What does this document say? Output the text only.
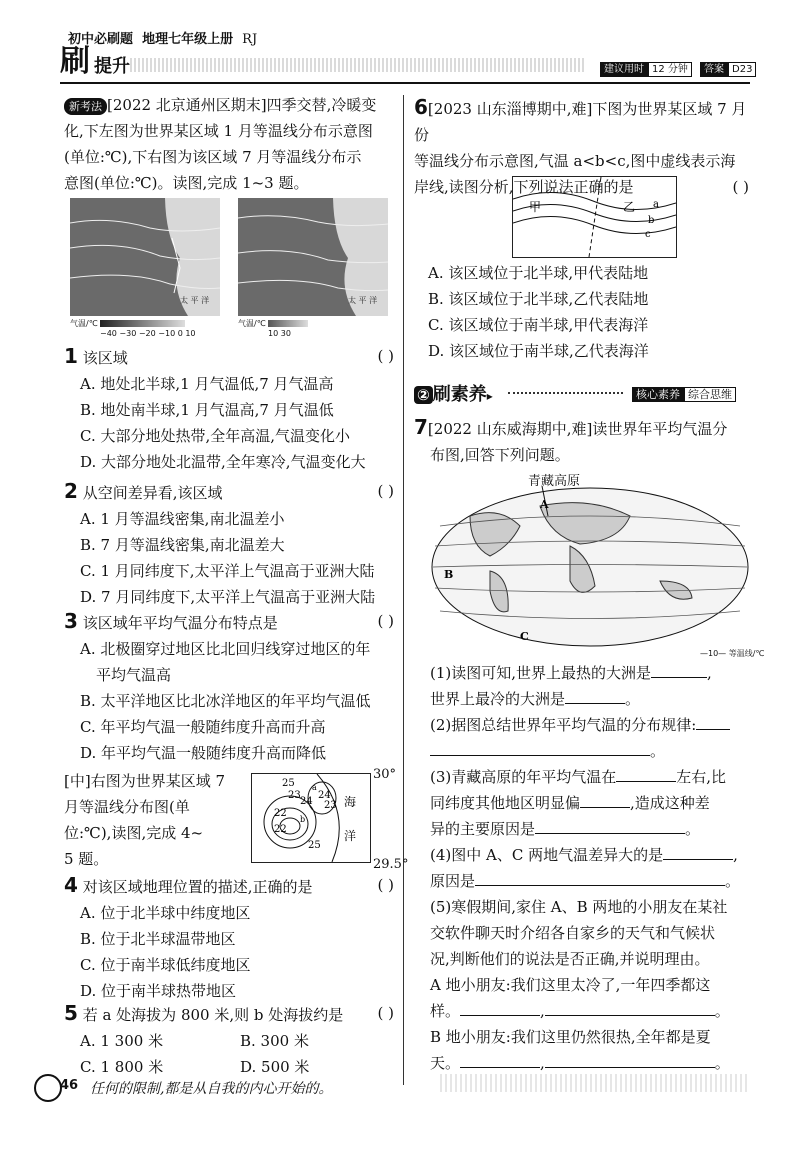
初中必刷题 地理七年级上册 RJ
刷 提升	建议用时 12 分钟	答案 D23
新考法 [2022 北京通州区期末]四季交替,冷暖变
化,下左图为世界某区域 1 月等温线分布示意图
(单位:℃),下右图为该区域 7 月等温线分布示
意图(单位:℃)。读图,完成 1~3 题。
太 平 洋
气温/℃
−40 −30 −20 −10 0 10
太 平 洋
气温/℃
10 30
1 该区域	( )
A. 地处北半球,1 月气温低,7 月气温高
B. 地处南半球,1 月气温高,7 月气温低
C. 大部分地处热带,全年高温,气温变化小
D. 大部分地处北温带,全年寒冷,气温变化大
2 从空间差异看,该区域	( )
A. 1 月等温线密集,南北温差小
B. 7 月等温线密集,南北温差大
C. 1 月同纬度下,太平洋上气温高于亚洲大陆
D. 7 月同纬度下,太平洋上气温高于亚洲大陆
3 该区域年平均气温分布特点是	( )
A. 北极圈穿过地区比北回归线穿过地区的年
平均气温高
B. 太平洋地区比北冰洋地区的年平均气温低
C. 年平均气温一般随纬度升高而升高
D. 年平均气温一般随纬度升高而降低
[中]右图为世界某区域 7
月等温线分布图(单
位:℃),读图,完成 4~
5 题。
25
23 24
22
22
23
24
25
a
b
海
洋
30°
29.5°
4 对该区域地理位置的描述,正确的是	( )
A. 位于北半球中纬度地区
B. 位于北半球温带地区
C. 位于南半球低纬度地区
D. 位于南半球热带地区
5 若 a 处海拔为 800 米,则 b 处海拔约是 ( )
A. 1 300 米	B. 300 米
C. 1 800 米	D. 500 米
6[2023 山东淄博期中,难]下图为世界某区域 7 月份
等温线分布示意图,气温 a<b<c,图中虚线表示海
岸线,读图分析,下列说法正确的是	( )
甲	乙 a
b
c
A. 该区域位于北半球,甲代表陆地
B. 该区域位于北半球,乙代表陆地
C. 该区域位于南半球,甲代表海洋
D. 该区域位于南半球,乙代表海洋
② 刷素养▸	核心素养 综合思维
7[2022 山东威海期中,难]读世界年平均气温分
布图,回答下列问题。
青藏高原
A
B
C
—10— 等温线/℃
(1)读图可知,世界上最热的大洲是	,
世界上最冷的大洲是	。
(2)据图总结世界年平均气温的分布规律:
。
(3)青藏高原的年平均气温在	左右,比
同纬度其他地区明显偏	,造成这种差
异的主要原因是	。
(4)图中 A、C 两地气温差异大的是	,
原因是	。
(5)寒假期间,家住 A、B 两地的小朋友在某社
交软件聊天时介绍各自家乡的天气和气候状
况,判断他们的说法是否正确,并说明理由。
A 地小朋友:我们这里太冷了,一年四季都这
样。	,	。
B 地小朋友:我们这里仍然很热,全年都是夏
天。	,	。
46 任何的限制,都是从自我的内心开始的。
